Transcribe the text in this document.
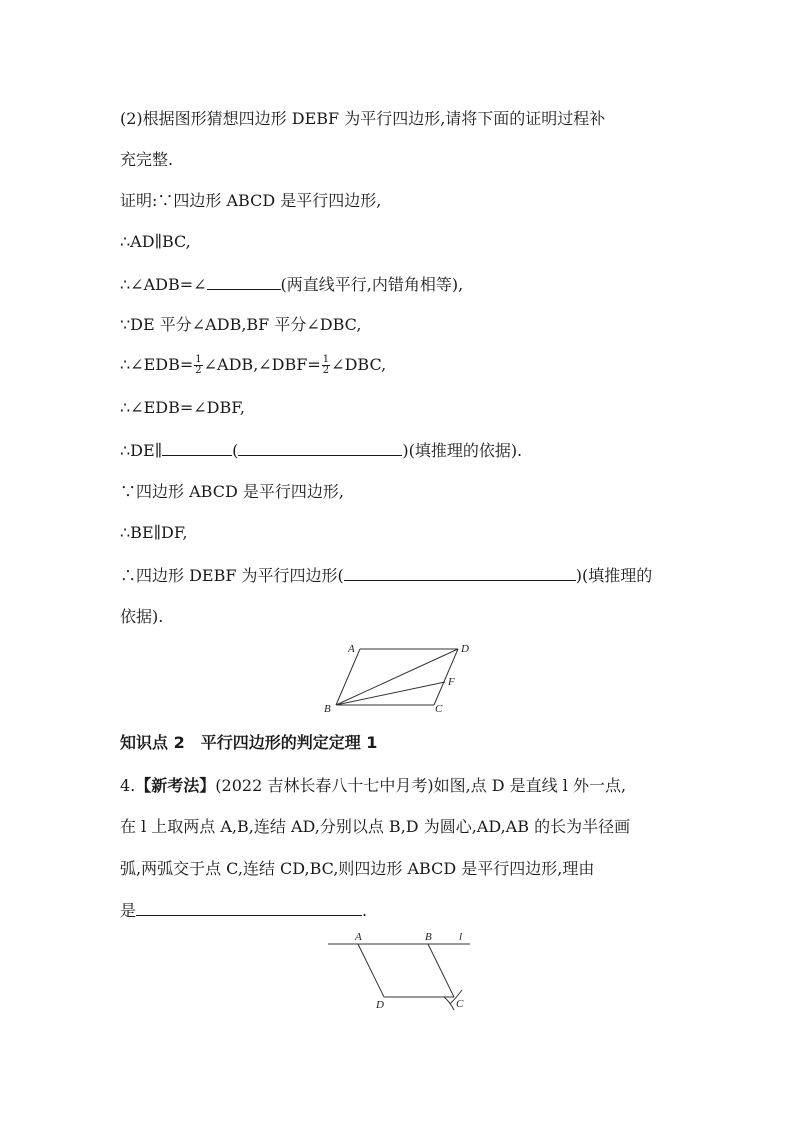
(2)根据图形猜想四边形 DEBF 为平行四边形,请将下面的证明过程补
充完整.
证明:∵四边形 ABCD 是平行四边形,
∴AD∥BC,
∴∠ADB=∠	(两直线平行,内错角相等),
∵DE 平分∠ADB,BF 平分∠DBC,
∴∠EDB= $\frac{1}{2}$ ∠ADB,∠DBF= $\frac{1}{2}$ ∠DBC,
∴∠EDB=∠DBF,
∴DE∥	(	)(填推理的依据).
∵四边形 ABCD 是平行四边形,
∴BE∥DF,
∴四边形 DEBF 为平行四边形(	)(填推理的
依据).
A	D
F
B	C
知识点 2　平行四边形的判定定理 1
4.【新考法】(2022 吉林长春八十七中月考)如图,点 D 是直线 l 外一点,
在 l 上取两点 A,B,连结 AD,分别以点 B,D 为圆心,AD,AB 的长为半径画
弧,两弧交于点 C,连结 CD,BC,则四边形 ABCD 是平行四边形,理由
是	.
A	B l
D	C
